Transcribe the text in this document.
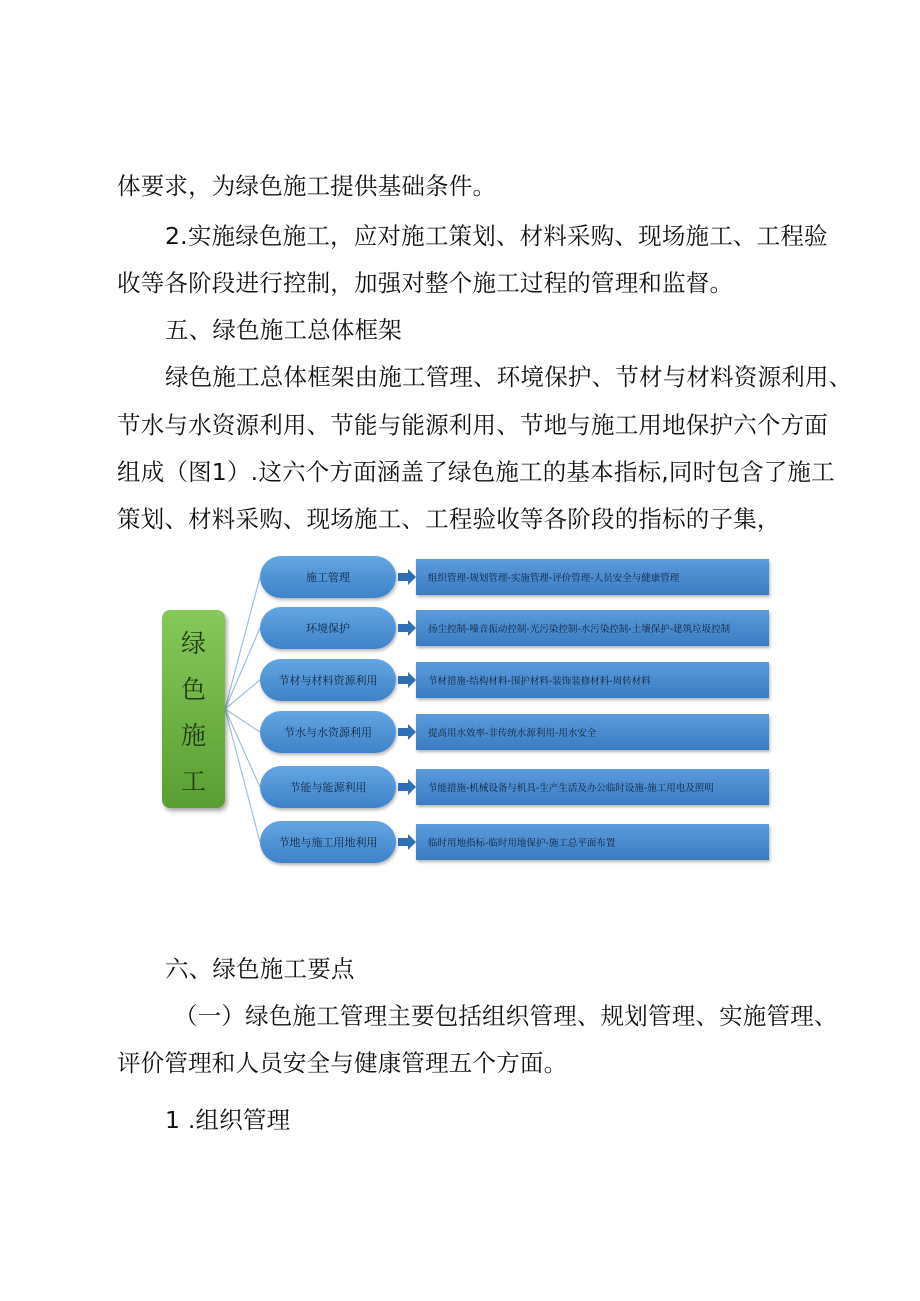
体要求，为绿色施工提供基础条件。
2.实施绿色施工，应对施工策划、材料采购、现场施工、工程验
收等各阶段进行控制，加强对整个施工过程的管理和监督。
五、绿色施工总体框架
绿色施工总体框架由施工管理、环境保护、节材与材料资源利用、
节水与水资源利用、节能与能源利用、节地与施工用地保护六个方面
组成（图1）.这六个方面涵盖了绿色施工的基本指标,同时包含了施工
策划、材料采购、现场施工、工程验收等各阶段的指标的子集，
绿
色
施
工
施工管理	组织管理-规划管理-实施管理-评价管理-人员安全与健康管理
环境保护	扬尘控制-噪音振动控制-光污染控制-水污染控制-土壤保护-建筑垃圾控制
节材与材料资源利用	节材措施-结构材料-围护材料-装饰装修材料-周转材料
节水与水资源利用	提高用水效率-非传统水源利用-用水安全
节能与能源利用	节能措施-机械设备与机具-生产生活及办公临时设施-施工用电及照明
节地与施工用地利用	临时用地指标-临时用地保护-施工总平面布置
六、绿色施工要点
（一）绿色施工管理主要包括组织管理、规划管理、实施管理、
评价管理和人员安全与健康管理五个方面。
1 .组织管理
